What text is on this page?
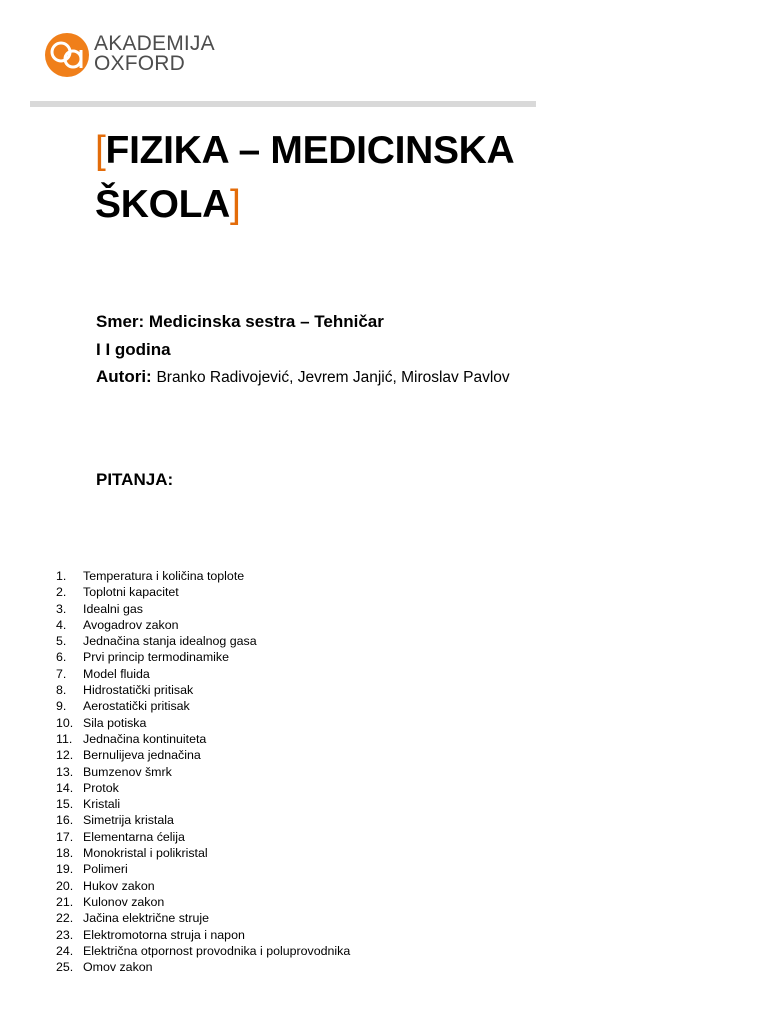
AKADEMIJA
OXFORD
[FIZIKA – MEDICINSKA ŠKOLA]
Smer: Medicinska sestra – Tehničar
I I godina
Autori: Branko Radivojević, Jevrem Janjić, Miroslav Pavlov
PITANJA:
1.	Temperatura i količina toplote
2.	Toplotni kapacitet
3.	Idealni gas
4.	Avogadrov zakon
5.	Jednačina stanja idealnog gasa
6.	Prvi princip termodinamike
7.	Model fluida
8.	Hidrostatički pritisak
9.	Aerostatički pritisak
10. Sila potiska
11. Jednačina kontinuiteta
12. Bernulijeva jednačina
13. Bumzenov šmrk
14. Protok
15. Kristali
16. Simetrija kristala
17. Elementarna ćelija
18. Monokristal i polikristal
19. Polimeri
20. Hukov zakon
21. Kulonov zakon
22. Jačina električne struje
23. Elektromotorna struja i napon
24. Električna otpornost provodnika i poluprovodnika
25. Omov zakon
